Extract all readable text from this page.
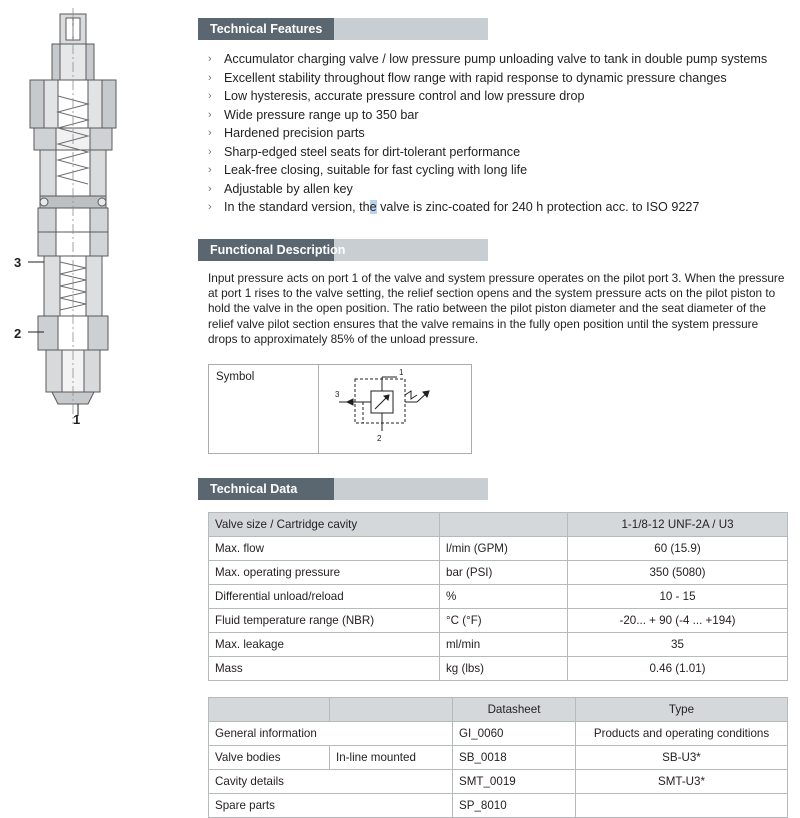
3
2
1
Technical Features
› Accumulator charging valve / low pressure pump unloading valve to tank in double pump systems
› Excellent stability throughout flow range with rapid response to dynamic pressure changes
› Low hysteresis, accurate pressure control and low pressure drop
› Wide pressure range up to 350 bar
› Hardened precision parts
› Sharp-edged steel seats for dirt-tolerant performance
› Leak-free closing, suitable for fast cycling with long life
› Adjustable by allen key
› In the standard version, the valve is zinc-coated for 240 h protection acc. to ISO 9227
Functional Description

Input pressure acts on port 1 of the valve and system pressure operates on the pilot port 3. When the pressure at port 1 rises to the valve setting, the relief section opens and the system pressure acts on the pilot piston to hold the valve in the open position. The ratio between the pilot piston diameter and the seat diameter of the relief valve pilot section ensures that the valve remains in the fully open position until the system pressure drops to approximately 85% of the unload pressure.

Symbol	1
3
2
Technical Data
Valve size / Cartridge cavity		1-1/8-12 UNF-2A / U3
Max. flow	l/min (GPM)	60 (15.9)
Max. operating pressure	bar (PSI)	350 (5080)
Differential unload/reload	%	10 - 15
Fluid temperature range (NBR)	°C (°F)	-20... + 90 (-4 ... +194)
Max. leakage	ml/min	35
Mass	kg (lbs)	0.46 (1.01)
		Datasheet	Type
General information		GI_0060	Products and operating conditions
Valve bodies	In-line mounted	SB_0018	SB-U3*
Cavity details		SMT_0019	SMT-U3*
Spare parts		SP_8010	
